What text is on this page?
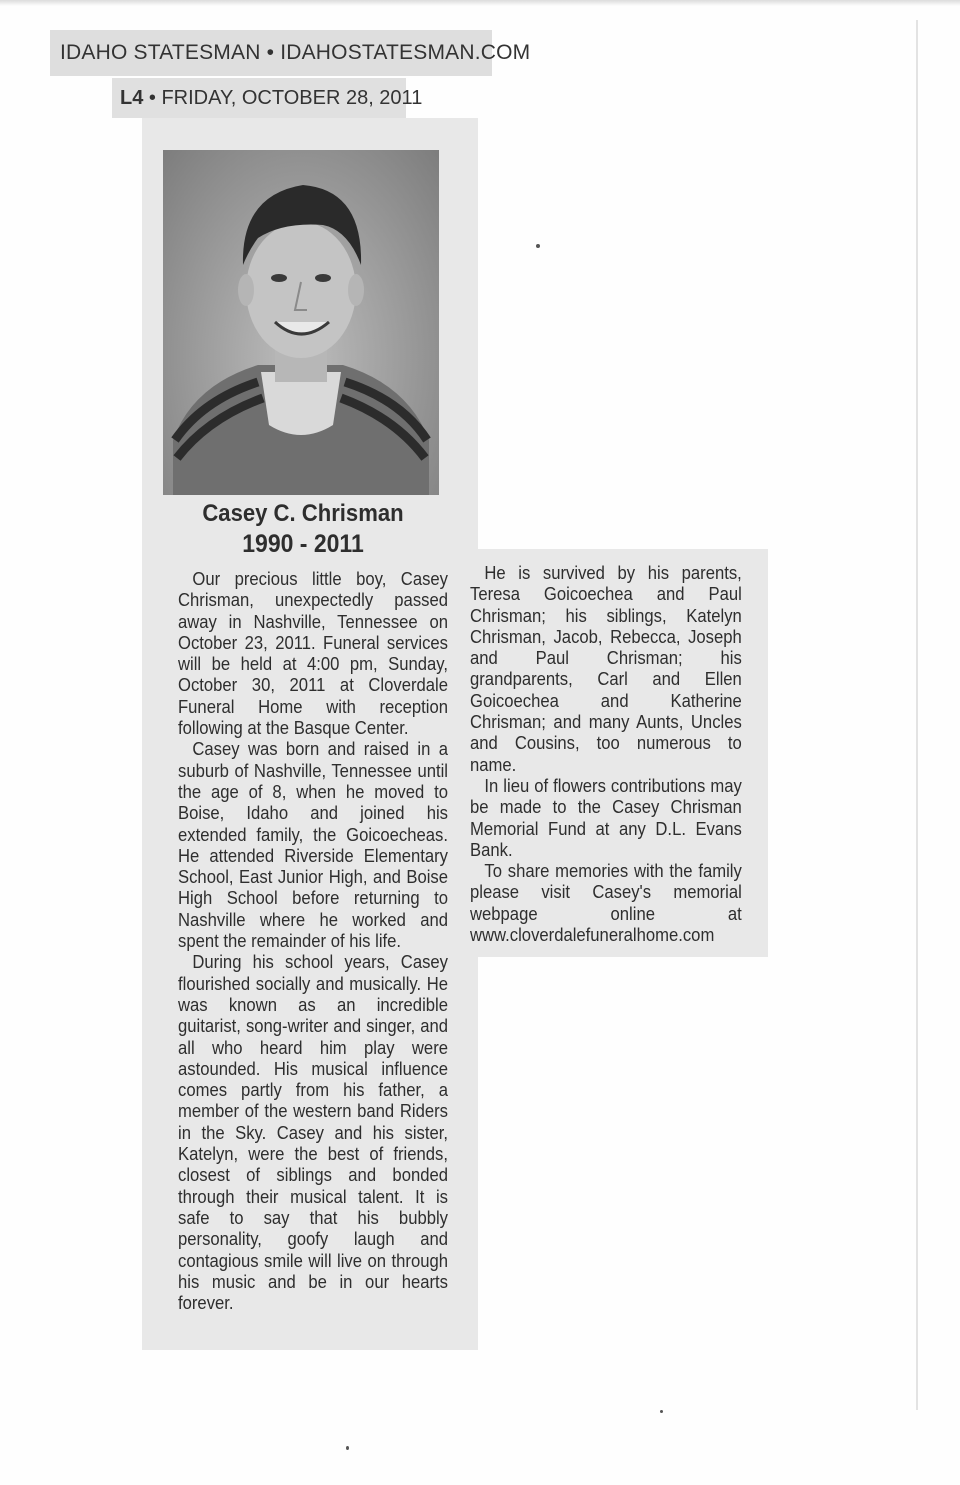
IDAHO STATESMAN • IDAHOSTATESMAN.COM
L4 • FRIDAY, OCTOBER 28, 2011
Casey C. Chrisman
1990 - 2011

Our precious little boy, Casey Chrisman, unexpectedly passed away in Nashville, Tennessee on October 23, 2011. Funeral services will be held at 4:00 pm, Sunday, October 30, 2011 at Cloverdale Funeral Home with reception following at the Basque Center.

Casey was born and raised in a suburb of Nashville, Tennessee until the age of 8, when he moved to Boise, Idaho and joined his extended family, the Goicoecheas. He attended Riverside Elementary School, East Junior High, and Boise High School before returning to Nashville where he worked and spent the remainder of his life.

During his school years, Casey flourished socially and musically. He was known as an incredible guitarist, song-writer and singer, and all who heard him play were astounded. His musical influence comes partly from his father, a member of the western band Riders in the Sky. Casey and his sister, Katelyn, were the best of friends, closest of siblings and bonded through their musical talent. It is safe to say that his bubbly personality, goofy laugh and contagious smile will live on through his music and be in our hearts forever.

He is survived by his parents, Teresa Goicoechea and Paul Chrisman; his siblings, Katelyn Chrisman, Jacob, Rebecca, Joseph and Paul Chrisman; his grandparents, Carl and Ellen Goicoechea and Katherine Chrisman; and many Aunts, Uncles and Cousins, too numerous to name.

In lieu of flowers contributions may be made to the Casey Chrisman Memorial Fund at any D.L. Evans Bank.

To share memories with the family please visit Casey's memorial webpage online at www.cloverdalefuneralhome.com
